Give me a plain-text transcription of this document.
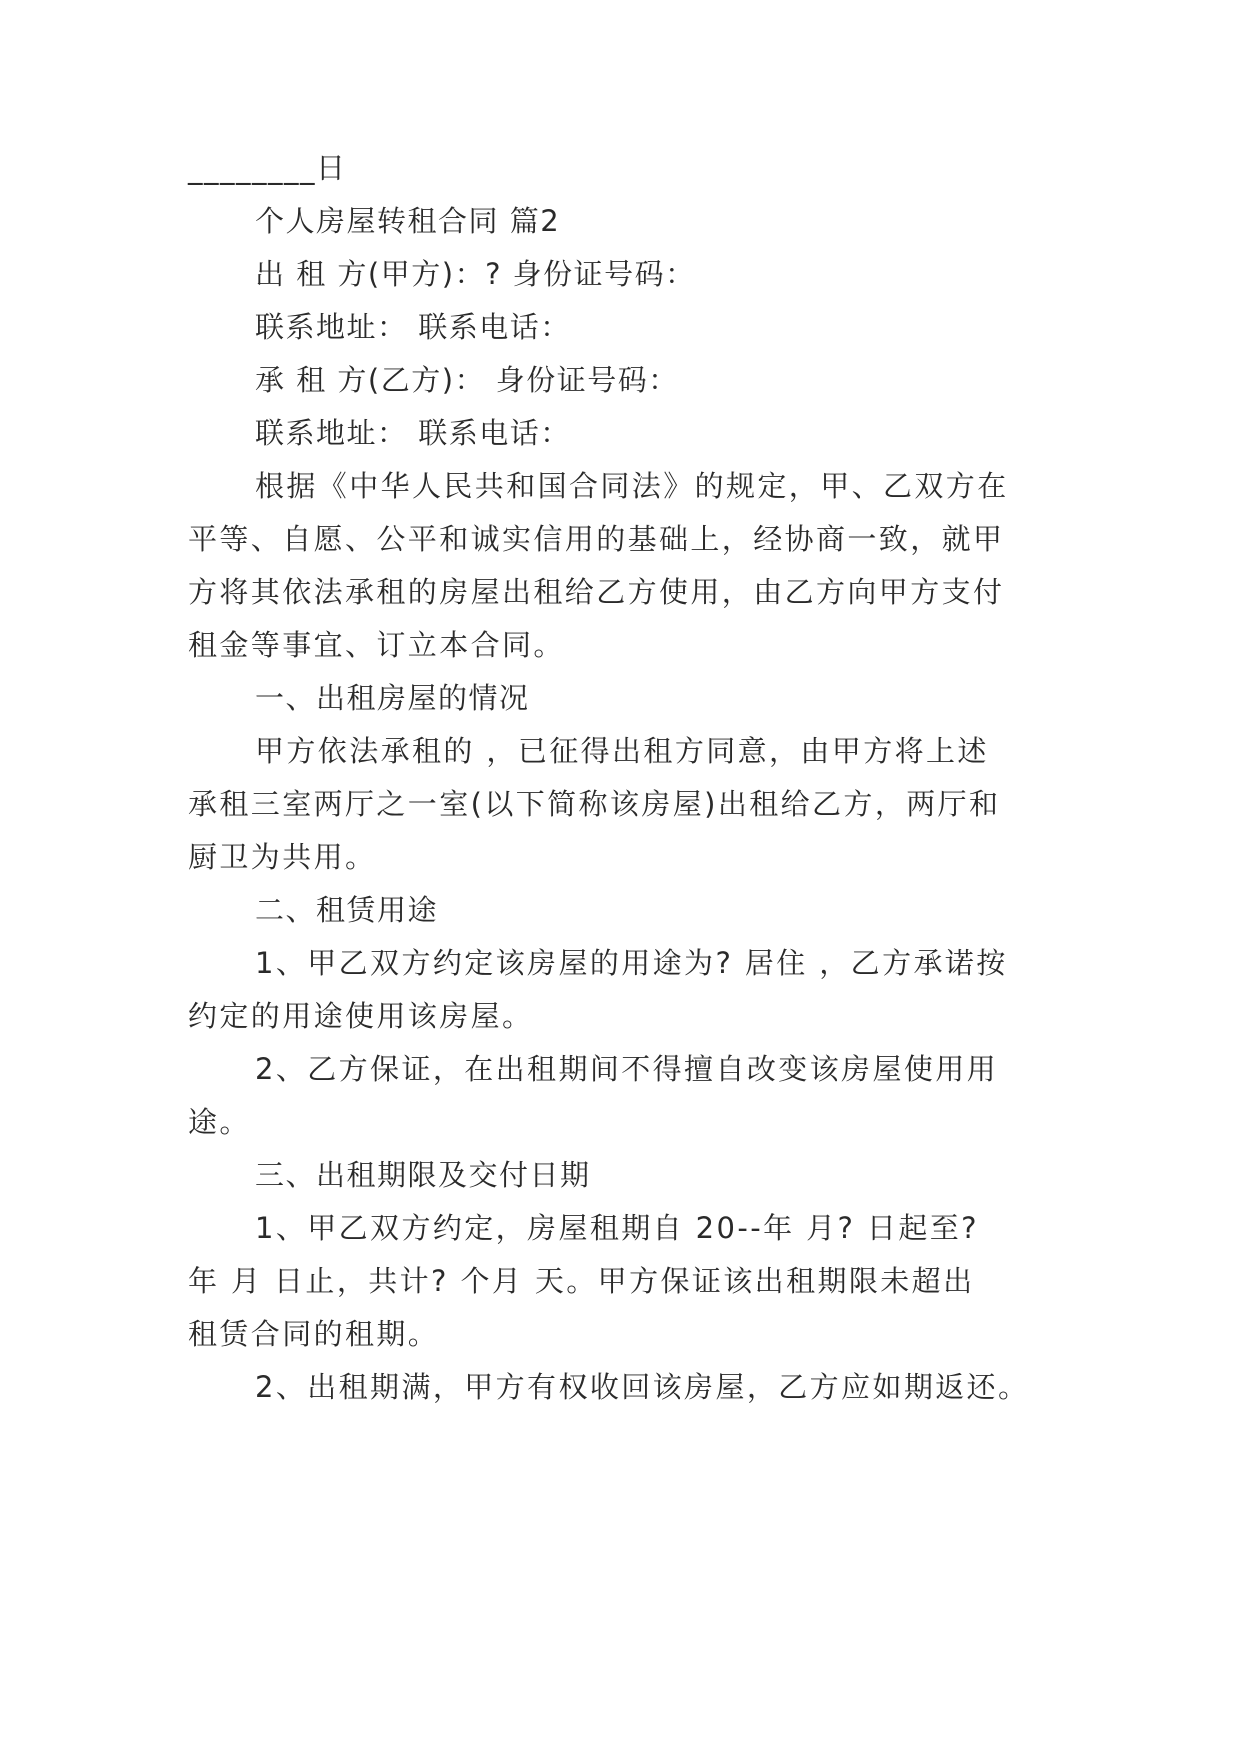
________日
个人房屋转租合同 篇2
出 租 方(甲方)：? 身份证号码：
联系地址： 联系电话：
承 租 方(乙方)： 身份证号码：
联系地址： 联系电话：
根据《中华人民共和国合同法》的规定，甲、乙双方在
平等、自愿、公平和诚实信用的基础上，经协商一致，就甲
方将其依法承租的房屋出租给乙方使用，由乙方向甲方支付
租金等事宜、订立本合同。
一、出租房屋的情况
甲方依法承租的 ，已征得出租方同意，由甲方将上述
承租三室两厅之一室(以下简称该房屋)出租给乙方，两厅和
厨卫为共用。
二、租赁用途
1、甲乙双方约定该房屋的用途为? 居住 ，乙方承诺按
约定的用途使用该房屋。
2、乙方保证，在出租期间不得擅自改变该房屋使用用
途。
三、出租期限及交付日期
1、甲乙双方约定，房屋租期自 20--年 月? 日起至?
年 月 日止，共计? 个月 天。甲方保证该出租期限未超出
租赁合同的租期。
2、出租期满，甲方有权收回该房屋，乙方应如期返还。
